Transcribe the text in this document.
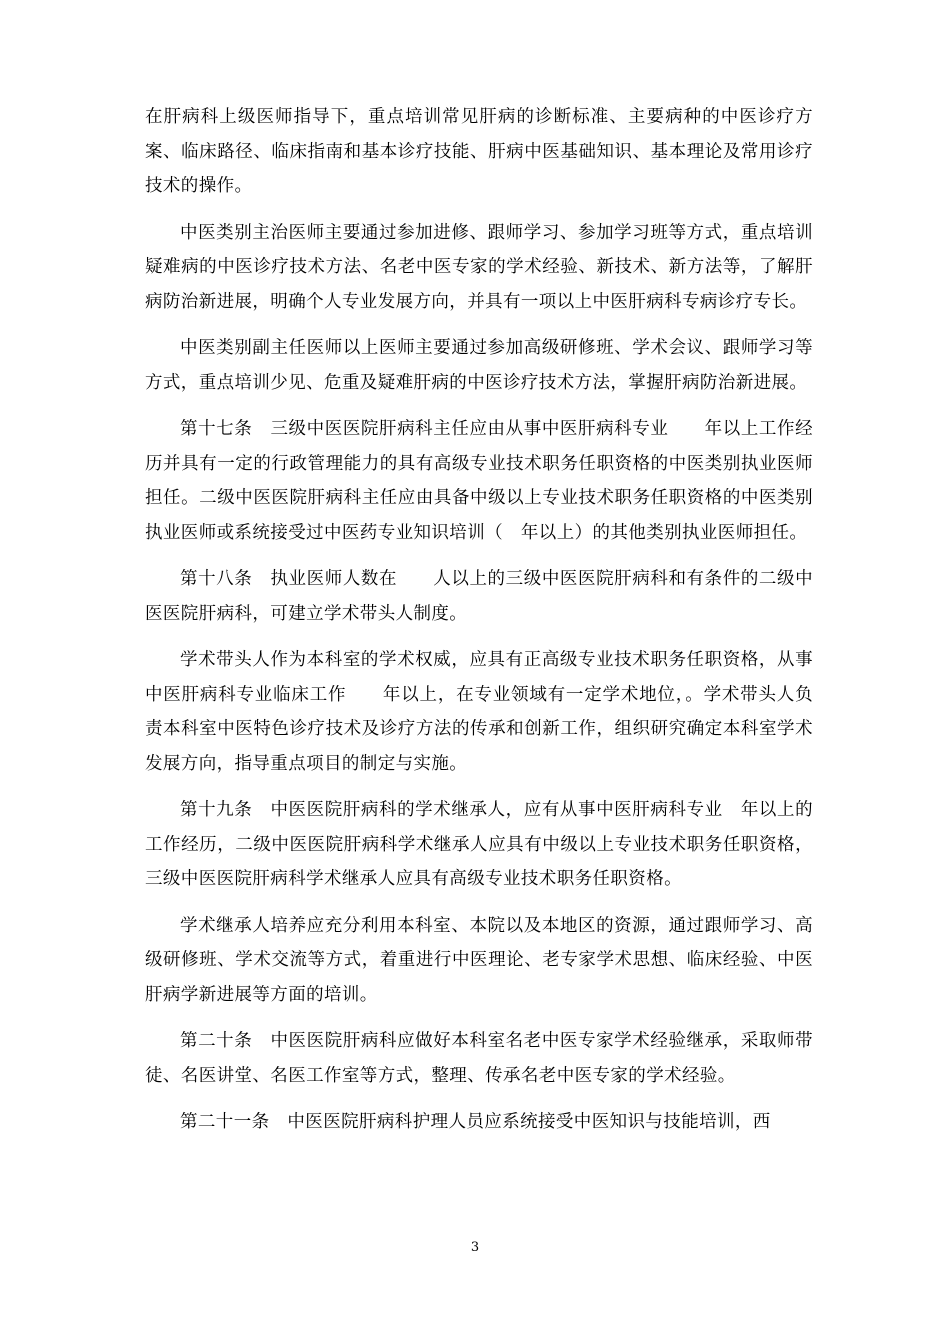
在肝病科上级医师指导下，重点培训常见肝病的诊断标准、主要病种的中医诊疗方案、临床路径、临床指南和基本诊疗技能、肝病中医基础知识、基本理论及常用诊疗技术的操作。

中医类别主治医师主要通过参加进修、跟师学习、参加学习班等方式，重点培训疑难病的中医诊疗技术方法、名老中医专家的学术经验、新技术、新方法等，了解肝病防治新进展，明确个人专业发展方向，并具有一项以上中医肝病科专病诊疗专长。

中医类别副主任医师以上医师主要通过参加高级研修班、学术会议、跟师学习等方式，重点培训少见、危重及疑难肝病的中医诊疗技术方法，掌握肝病防治新进展。

第十七条　三级中医医院肝病科主任应由从事中医肝病科专业　　年以上工作经历并具有一定的行政管理能力的具有高级专业技术职务任职资格的中医类别执业医师担任。二级中医医院肝病科主任应由具备中级以上专业技术职务任职资格的中医类别执业医师或系统接受过中医药专业知识培训（　年以上）的其他类别执业医师担任。

第十八条　执业医师人数在　　人以上的三级中医医院肝病科和有条件的二级中医医院肝病科，可建立学术带头人制度。

学术带头人作为本科室的学术权威，应具有正高级专业技术职务任职资格，从事中医肝病科专业临床工作　　年以上，在专业领域有一定学术地位，。学术带头人负责本科室中医特色诊疗技术及诊疗方法的传承和创新工作，组织研究确定本科室学术发展方向，指导重点项目的制定与实施。

第十九条　中医医院肝病科的学术继承人，应有从事中医肝病科专业　年以上的工作经历，二级中医医院肝病科学术继承人应具有中级以上专业技术职务任职资格，三级中医医院肝病科学术继承人应具有高级专业技术职务任职资格。

学术继承人培养应充分利用本科室、本院以及本地区的资源，通过跟师学习、高级研修班、学术交流等方式，着重进行中医理论、老专家学术思想、临床经验、中医肝病学新进展等方面的培训。

第二十条　中医医院肝病科应做好本科室名老中医专家学术经验继承，采取师带徒、名医讲堂、名医工作室等方式，整理、传承名老中医专家的学术经验。

第二十一条　中医医院肝病科护理人员应系统接受中医知识与技能培训，西

3
